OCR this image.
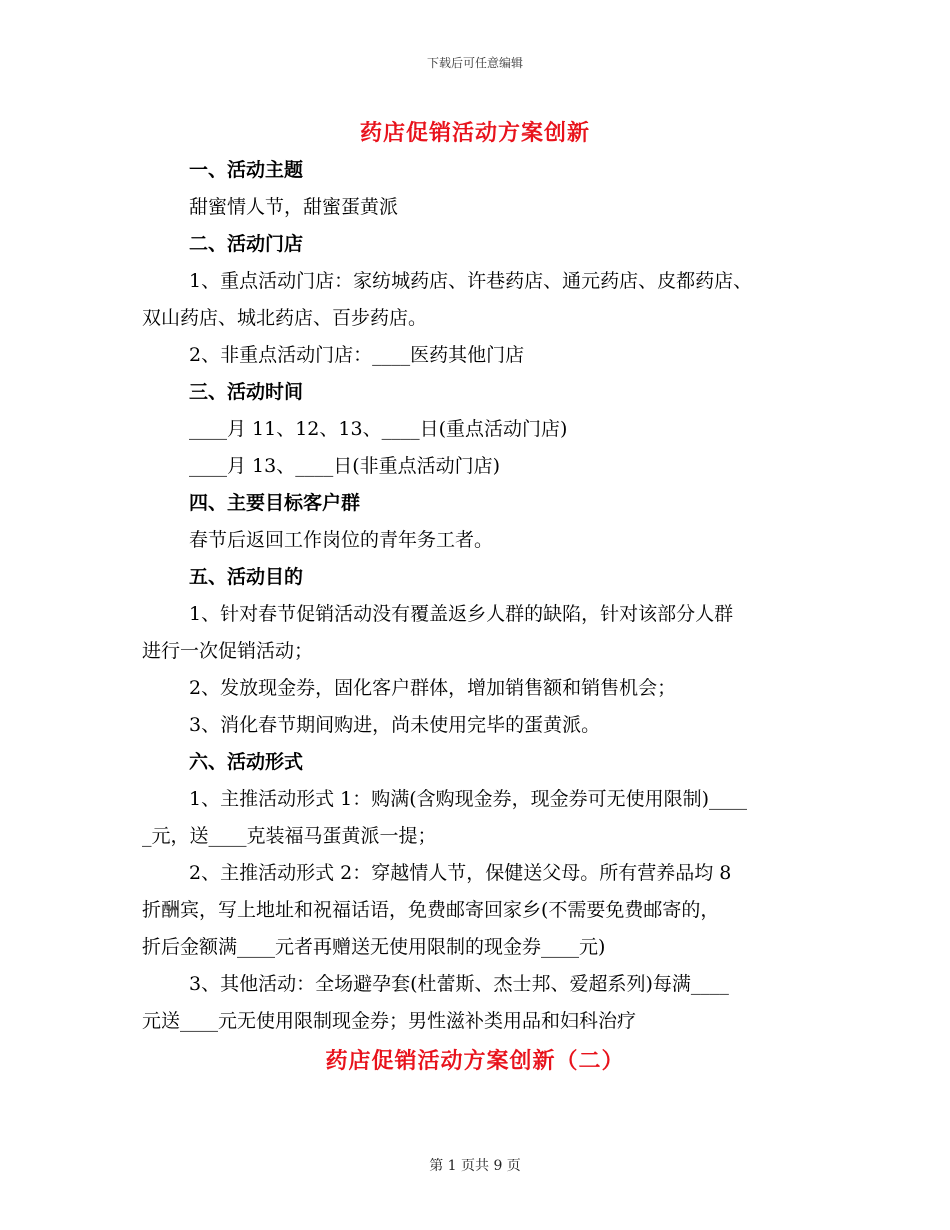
下载后可任意编辑
药店促销活动方案创新
一、活动主题
甜蜜情人节，甜蜜蛋黄派
二、活动门店
1、重点活动门店：家纺城药店、许巷药店、通元药店、皮都药店、
双山药店、城北药店、百步药店。
2、非重点活动门店：____医药其他门店
三、活动时间
____月 11、12、13、____日(重点活动门店)
____月 13、____日(非重点活动门店)
四、主要目标客户群
春节后返回工作岗位的青年务工者。
五、活动目的
1、针对春节促销活动没有覆盖返乡人群的缺陷，针对该部分人群
进行一次促销活动；
2、发放现金券，固化客户群体，增加销售额和销售机会；
3、消化春节期间购进，尚未使用完毕的蛋黄派。
六、活动形式
1、主推活动形式 1：购满(含购现金券，现金券可无使用限制)____
_元，送____克装福马蛋黄派一提；
2、主推活动形式 2：穿越情人节，保健送父母。所有营养品均 8
折酬宾，写上地址和祝福话语，免费邮寄回家乡(不需要免费邮寄的，
折后金额满____元者再赠送无使用限制的现金券____元)
3、其他活动：全场避孕套(杜蕾斯、杰士邦、爱超系列)每满____
元送____元无使用限制现金券；男性滋补类用品和妇科治疗
药店促销活动方案创新（二）
第 1 页共 9 页
